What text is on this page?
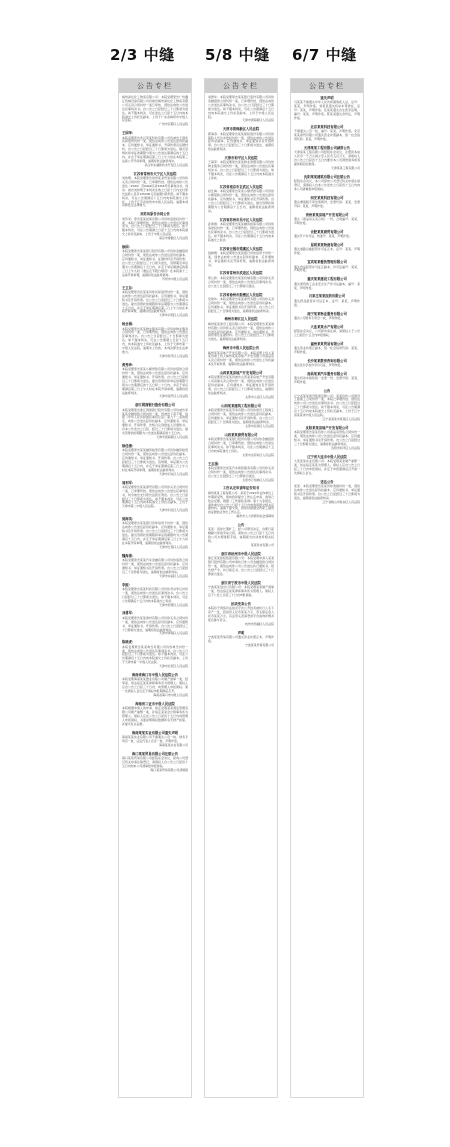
2/3 中缝
公告专栏
梅州润达化工物流有限公司：本院受理原告广州鑫汇机械设备有限公司诉被告梅州润达化工物流有限公司买卖合同纠纷一案已审结，现依法向你公告送达民事判决书。自公告之日起经过三十日即视为送达。如不服本判决，可在送达之日起十五日内向本院递交上诉状及副本，上诉于广东省梅州市中级人民法院。
广州市花都区人民法院
王国华：
本院受理原告武汉某某科技有限公司诉被告王国华民间借贷纠纷一案，现依法向你公告送达起诉状副本、应诉通知书、举证通知书、开庭传票及证据材料。自公告之日起经过三十日即视为送达。提出答辩状和举证的期限分别为公告送达期满后的十五日内。并定于举证期满后第三日上午九时在本院第三法庭公开开庭审理，逾期将依法缺席判决。
武汉市东湖新技术开发区人民法院
江苏省常州市天宁区人民法院
刘伟明：本院受理原告常州某某贸易有限公司诉你买卖合同纠纷一案，已审理终结。现依法向你公告送达（2020）苏0402民初3456号民事判决书。判决：被告刘伟明于本判决生效之日起十日内支付原告货款人民币125000元及逾期付款利息。如不服本判决，可在公告期满后十五日内向本院递交上诉状，上诉于江苏省常州市中级人民法院。逾期本判决即发生法律效力。
刘苏凤原告合同公告
刘苏凤：原告某某担保有限公司诉你追偿权纠纷一案，本院已审理终结，现依法向你公告送达民事判决书，自公告之日起经过三十日即视为送达。如不服本判决，可在公告期满之日起十五日内向本院递交上诉状及副本，上诉于中级人民法院。
南京市秦淮区人民法院
徐国：
本院受理原告某某银行股份有限公司诉你金融借款合同纠纷一案，现依法向你公告送达起诉状副本、应诉通知书、举证通知书、证据材料及开庭传票。自公告之日起经过三十日视为送达，答辩期及举证期为公告期满后十五日内，并定于举证期满后的第三日上午九时（遇法定节假日顺延）在本院第十二法庭开庭审理，逾期将依法缺席裁判。
苏州市中级人民法院
王卫东：
本院受理原告张某某诉你民间借贷纠纷一案，现依法向你公告送达起诉状副本、应诉通知书、举证通知书及开庭传票。自公告之日起经过三十日即视为送达。提出答辩状的期限和举证期限为公告期满后十五日内，并定于举证期满后第三日上午九时在本院开庭审理，逾期将依法缺席判决。
天津市河西区人民法院
杨会娟：
本院受理原告某某物业服务有限公司诉你物业服务合同纠纷一案，已审理终结。现依法向你公告送达民事判决书。自公告之日起经过三十日即视为送达。如不服本判决，可在公告期满之日起十五日内，向本院递交上诉状及副本，上诉于天津市第一中级人民法院。逾期未上诉的，本判决即发生法律效力。
天津市和平区人民法院
黄秀珍：
本院受理原告某某小额贷款有限公司诉你借款合同纠纷一案，现依法向你公告送达起诉状副本、应诉通知书、举证通知书、开庭传票。自公告之日起经过三十日即视为送达。提出答辩状和举证的期限分别为公告期满后的十五日和二十日内。并定于举证期满后第三日上午九时在本院开庭审理，逾期将依法缺席判决。
天津市南开区人民法院
浙江网商银行股份有限公司
本院受理原告浙江网商银行股份有限公司诉被告李某某金融借款合同纠纷一案，因被告下落不明，依照《中华人民共和国民事诉讼法》第九十二条的规定，向你公告送达起诉状副本、应诉通知书、举证通知书、开庭传票、告知合议庭组成人员通知书。自本公告发出之日起，经过三十日即视为送达。提出答辩状的期限为公告送达期满后的十五日内。
天津市滨海新区人民法院
徐佳清：
本院受理原告某某融资租赁有限公司诉你融资租赁合同纠纷一案，现依法向你公告送达起诉状副本、应诉通知书、举证通知书、开庭传票。自公告之日起经过三十日即视为送达。答辩期、举证期为公告期满后十五日内，并定于举证期满后第三日上午九时在本院开庭审理，逾期将依法缺席判决。
天津市河东区人民法院
周利军：
本院受理原告某某商贸有限公司诉你买卖合同纠纷一案，已审理终结。现依法向你公告送达民事判决书，判令被告支付原告货款及利息。自公告之日起经过三十日即视为送达。如不服本判决，可在公告期满后十五日内向本院递交上诉状及副本，上诉于天津市第二中级人民法院。
天津市河北区人民法院
郭海英：
本院受理原告某某银行诉你信用卡纠纷一案，现依法向你公告送达起诉状副本、应诉通知书、举证通知书及开庭传票。自公告之日起经过三十日即视为送达。提出答辩状的期限和举证的期限均为公告期满后十五日内，并定于举证期满后第三日上午九时在本院开庭审理，逾期将依法缺席判决。
天津市红桥区人民法院
魏海勇：
本院受理原告某某汽车金融有限公司诉你借款合同纠纷一案，现依法向你公告送达起诉状副本、应诉通知书、举证通知书及开庭传票。自公告之日起经过三十日即视为送达，逾期将依法缺席判决。
天津市东丽区人民法院
李振：
本院受理原告某某科技有限公司诉你劳动争议纠纷一案，现依法向你公告送达民事判决书。自公告之日起经过三十日即视为送达。如不服本判决，可在公告期满后十五日内向本院递交上诉状。
天津市西青区人民法院
刘勇军：
本院受理原告某某建材有限公司诉你买卖合同纠纷一案，现依法向你公告送达起诉状副本、应诉通知书、举证通知书、开庭传票。自公告之日起经过三十日即视为送达，逾期将依法缺席判决。
天津市津南区人民法院
陈晓虎：
本院受理原告某某典当有限公司诉你典当纠纷一案，现依法向你公告送达民事判决书。自公告之日起经过三十日即视为送达。如不服本判决，可在公告期满后十五日内向本院递交上诉状及副本，上诉于天津市第一中级人民法院。
天津市北辰区人民法院
海南省海口市中级人民法院公告
本院受理海南某某置业有限公司破产清算一案，经审查，依法指定某某律师事务所为管理人。债权人应自公告之日起三十日内，向管理人申报债权。第一次债权人会议定于债权申报期满后召开。
海南省海口市中级人民法院
海南省三亚市中级人民法院
本院根据申请人的申请，裁定受理某某酒店管理有限公司破产重整一案，并指定某某会计师事务所为管理人。债权人应在公告之日起四十五日内向管理人申报债权，书面说明债权数额和有无财产担保，并提交有关证据。
海南某某实业有限公司遗失声明
海南某某实业有限公司不慎遗失公章一枚、财务专用章一枚、法定代表人名章一枚，声明作废。
海南某某实业有限公司
海口某某贸易有限公司注销公告
海口某某贸易有限公司经股东会决议，拟向公司登记机关申请注销登记，请债权人自公告之日起四十五日内向本公司清算组申报债权。
海口某某贸易有限公司清算组
5/8 中缝
公告专栏
刘德华：本院受理原告某某银行股份有限公司诉你金融借款合同纠纷一案，已审理终结，现依法向你公告送达民事判决书。自公告之日起经过三十日即视为送达。如不服本判决，可在公告期满后十五日内向本院递交上诉状及副本，上诉于中级人民法院。
天津市滨海新区人民法院
天津市滨海新区人民法院
郭海涛：本院受理原告某某保险股份有限公司诉你保险人代位求偿权纠纷一案，现依法向你公告送达起诉状副本、应诉通知书、举证通知书及开庭传票。自公告之日起经过三十日即视为送达，逾期将依法缺席判决。
天津市和平区人民法院
王海军：本院受理原告某某物业管理有限公司诉你物业服务合同纠纷一案，现依法向你公告送达民事判决书。自公告之日起经过三十日即视为送达。如不服本判决，可在公告期满后十五日内向本院递交上诉状。
江苏省南京市玄武区人民法院
赵红梅：本院受理原告某某小额贷款有限公司诉你小额借款合同纠纷一案，现依法向你公告送达起诉状副本、应诉通知书、举证通知书及开庭传票。自公告之日起经过三十日即视为送达。提出答辩状的期限为公告期满后十五日内，逾期将依法缺席判决。
江苏省苏州市吴中区人民法院
孙建国：本院受理原告某某融资担保有限公司诉你追偿权纠纷一案，已审理终结。现依法向你公告送达民事判决书，自公告之日起经过三十日即视为送达。如不服本判决，可在公告期满后十五日内向本院递交上诉状。
江苏省无锡市梁溪区人民法院
钱晓明：本院受理原告某某银行诉你信用卡纠纷一案，现依法向你公告送达起诉状副本、应诉通知书、举证通知书及开庭传票，逾期将依法缺席判决。
江苏省常州市武进区人民法院
周立新：本院受理原告某某机械有限公司诉你买卖合同纠纷一案，现依法向你公告送达民事判决书。自公告之日起经过三十日即视为送达。
江苏省徐州市鼓楼区人民法院
吴建华：本院受理原告某某商贸有限公司诉你买卖合同纠纷一案，现依法向你公告送达起诉状副本、应诉通知书、举证通知书及开庭传票。自公告之日起经过三十日即视为送达，逾期将依法缺席判决。
梅州市梅江区人民法院
梅州某某建设工程有限公司：本院受理原告某某建材有限公司诉你买卖合同纠纷一案，现依法向你公告送达起诉状副本、应诉通知书、举证通知书、开庭传票及证据材料。自公告之日起经过三十日即视为送达，逾期将依法缺席判决。
梅州市中级人民法院公告
梅州某某房地产开发有限公司：本院受理上诉人某某诉被上诉人梅州某某房地产开发有限公司商品房买卖合同纠纷一案，现依法向你公告送达上诉状副本及开庭传票，逾期将依法缺席判决。
山西某某房地产开发有限公司
本院受理原告某某诉被告山西某某房地产开发有限公司房屋买卖合同纠纷一案，现依法向你公告送达起诉状副本、应诉通知书、举证通知书及开庭传票。自公告之日起经过三十日即视为送达，逾期将依法缺席判决。
太原市小店区人民法院
山西某某建筑工程有限公司
本院受理原告某某劳务有限公司诉你建设工程施工合同纠纷一案，现依法向你公告送达起诉状副本、应诉通知书、举证通知书及开庭传票。自公告之日起经过三十日即视为送达，逾期将依法缺席判决。
太原市迎泽区人民法院
山西某某商贸有限公司
本院受理原告某某银行股份有限公司诉你金融借款合同纠纷一案，已审理终结，现依法向你公告送达民事判决书。如不服本判决，可在公告期满后十五日内向本院递交上诉状。
太原市杏花岭区人民法院
王志强：
本院受理原告某某汽车销售服务有限公司诉你买卖合同纠纷一案，现依法向你公告送达民事判决书。自公告之日起经过三十日即视为送达。
太原市万柏林区人民法院
工伤认定申请举证告知书
梅州某某工程有限公司：某某于2020年在你单位工作期间受伤，现向我局提出工伤认定申请，我局已依法受理。根据《工伤保险条例》第十九条规定，请你单位自公告之日起十五日内向我局提交相关证据材料。逾期不提交的，我局将根据受伤职工提供的证据依法作出工伤认定。
梅州市人力资源和社会保障局
公告
某某：因你长期旷工，经公司研究决定，自即日起解除与你的劳动合同。请你自公告之日起十五日内到公司办理离职手续，逾期视为自动放弃相关权利。
某某科技有限公司
浙江省杭州市中级人民法院
浙江某某控股集团有限公司：本院受理申请人某某银行股份有限公司申请执行你公司金融借款合同纠纷一案，现依法向你公司公告送达执行通知书、报告财产令、执行裁定书，自公告之日起经过三十日即视为送达。
浙江省宁波市中级人民法院
宁波某某进出口有限公司：本院受理某某破产清算一案，依法指定某某律师事务所为管理人。债权人应于公告之日起三十日内申报债权。
拍卖变卖公告
本院将于网络司法拍卖平台公开拍卖被执行人名下房产一处，起拍价人民币某某万元，竞买保证金人民币某某万元。有意竞买者请登录平台查询详情并报名参与竞买。
杭州市西湖区人民法院
声明
宁波某某贸易有限公司遗失营业执照正本，声明作废。
宁波某某贸易有限公司
6/7 中缝
公告专栏
遗失声明
马某某不慎遗失中华人民共和国残疾人证，证号：某某，声明作废。刘某某遗失机动车驾驶证，证号：某某，声明作废。张某某遗失出生医学证明，编号：某某，声明作废。陈某某遗失身份证，声明作废。
北京某某科技有限公司
不慎遗失公章一枚，编号：某某，声明作废。北京某某商贸有限公司遗失营业执照副本，统一社会信用代码：某某，声明作废。
天津某某工程有限公司减资公告
天津某某工程有限公司经股东会决议，注册资本由人民币一千万元减少至人民币五百万元，请债权人自公告之日起四十五日内要求本公司清偿债务或者提供相应的担保。
天津某某工程有限公司
沈阳某某建筑有限公司注销公告
经股东会决议，本公司拟向公司登记机关申请注销登记，请债权人自本公告发布之日起四十五日内向本公司清算组申报债权。
西安某某科技有限公司
遗失增值税专用发票两份，发票代码：某某，发票号码：某某，声明作废。
贵州某某房地产开发有限公司
遗失《商品房买卖合同》一份，合同编号：某某，声明作废。
合肥某某商贸有限公司
遗失开户许可证，核准号：某某，声明作废。
昆明某某物流有限公司
遗失道路运输经营许可证正本，证号：某某，声明作废。
宜宾某某餐饮管理有限公司
遗失食品经营许可证正副本，许可证编号：某某，声明作废。
重庆某某建设工程有限公司
遗失建筑施工企业安全生产许可证副本，编号：某某，声明作废。
石家庄某某医药有限公司
遗失药品经营许可证正本，证号：某某，声明作废。
南宁某某物业服务有限公司
遗失公司财务专用章一枚，声明作废。
大连某某水产有限公司
经股东会决议，公司拟申请注销，请债权人于公告之日起四十五日内申报债权。
福州某某贸易有限公司
遗失营业执照正副本，统一社会信用代码：某某，声明作废。
长沙某某教育咨询有限公司
遗失民办学校办学许可证，声明作废。
南昌某某汽车服务有限公司
遗失机动车销售统一发票一份，发票号码：某某，声明作废。
公告
辽宁省某某建设集团有限公司：某某诉你公司建设工程施工合同纠纷一案，本院已审理终结。现依法向你公司公告送达民事判决书。自公告之日起经过三十日即视为送达。如不服本判决，可在公告期满后十五日内向本院递交上诉状及副本，上诉于辽宁省某某市中级人民法院。
辽宁省某某市某某区人民法院
沈阳某某房地产开发有限公司
本院受理原告某某诉你公司商品房预售合同纠纷一案，现依法向你公司公告送达起诉状副本、应诉通知书、举证通知书及开庭传票。自公告之日起经过三十日即视为送达，逾期将依法缺席判决。
沈阳市和平区人民法院
辽宁省大连市中级人民法院
大连某某实业有限公司：本院受理某某破产重整一案，依法指定某某为管理人。债权人应自公告之日起三十日内申报债权，并定于申报期满后召开第一次债权人会议。
送达公告
某某：本院受理原告某某诉你离婚纠纷一案，现依法向你公告送达起诉状副本、应诉通知书、举证通知书及开庭传票。自公告之日起经过三十日即视为送达，逾期将依法缺席判决。
辽宁省鞍山市铁东区人民法院
